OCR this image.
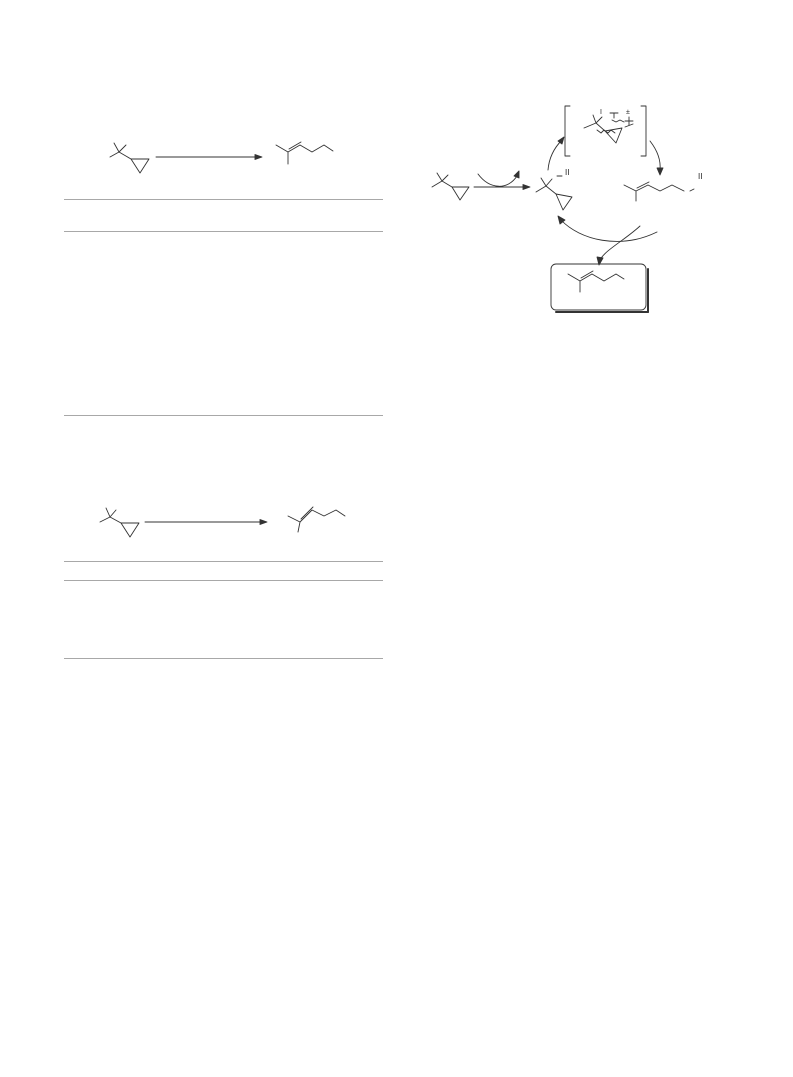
II	II
I	±
